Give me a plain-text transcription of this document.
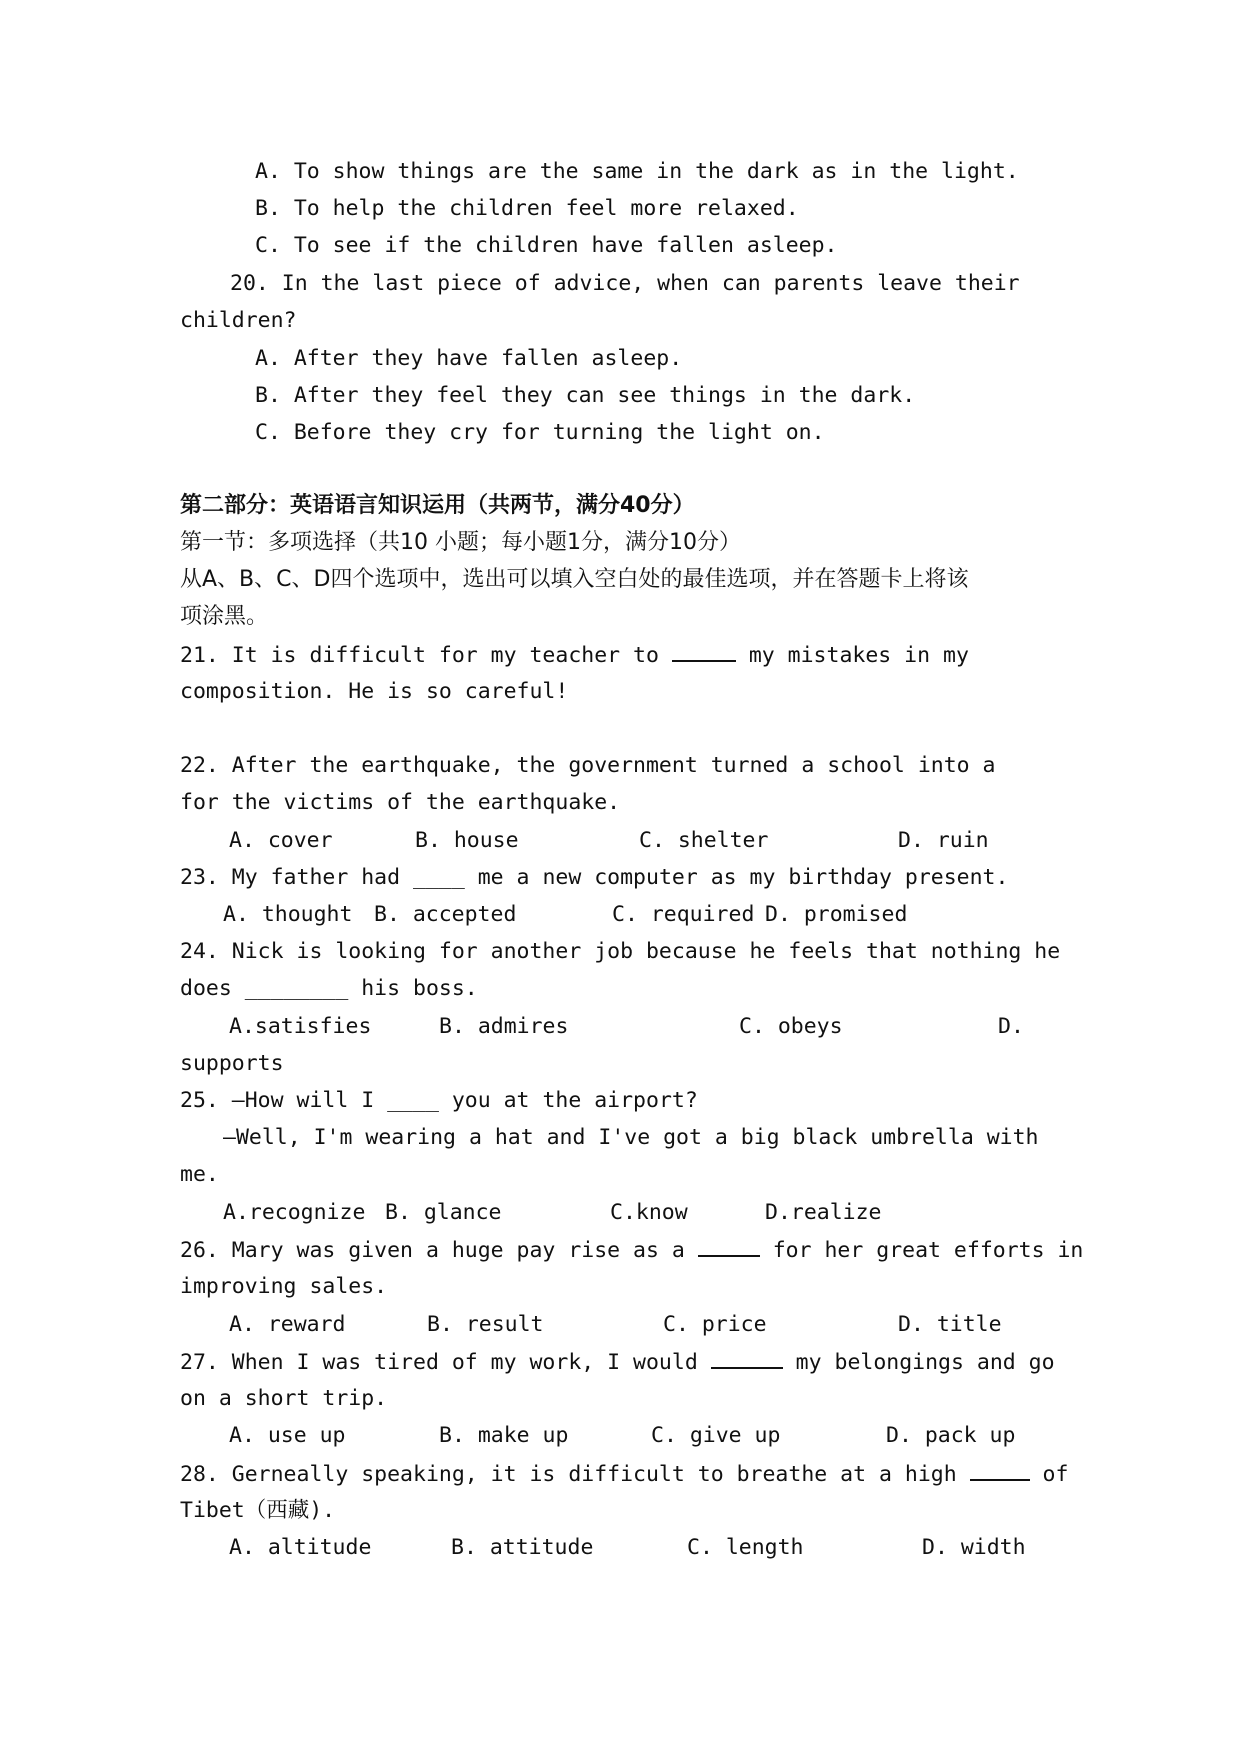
A. To show things are the same in the dark as in the light.
B. To help the children feel more relaxed.
C. To see if the children have fallen asleep.
20. In the last piece of advice, when can parents leave their
children?
A. After they have fallen asleep.
B. After they feel they can see things in the dark.
C. Before they cry for turning the light on.
第二部分：英语语言知识运用（共两节，满分40分）
第一节：多项选择（共10 小题；每小题1分，满分10分）
从A、B、C、D四个选项中，选出可以填入空白处的最佳选项，并在答题卡上将该
项涂黑。
21. It is difficult for my teacher to	my mistakes in my
composition. He is so careful!
22. After the earthquake, the government turned a school into a
for the victims of the earthquake.
A. cover	B. house	C. shelter	D. ruin
23. My father had ____ me a new computer as my birthday present.
A. thought B. accepted	C. required D. promised
24. Nick is looking for another job because he feels that nothing he
does ________ his boss.
A.satisfies	B. admires	C. obeys	D.
supports
25. —How will I ____ you at the airport?
—Well, I'm wearing a hat and I've got a big black umbrella with
me.
A.recognize B. glance	C.know	D.realize
26. Mary was given a huge pay rise as a	for her great efforts in
improving sales.
A. reward	B. result	C. price	D. title
27. When I was tired of my work, I would	my belongings and go
on a short trip.
A. use up	B. make up	C. give up	D. pack up
28. Gerneally speaking, it is difficult to breathe at a high	of
Tibet（西藏).
A. altitude	B. attitude	C. length	D. width
